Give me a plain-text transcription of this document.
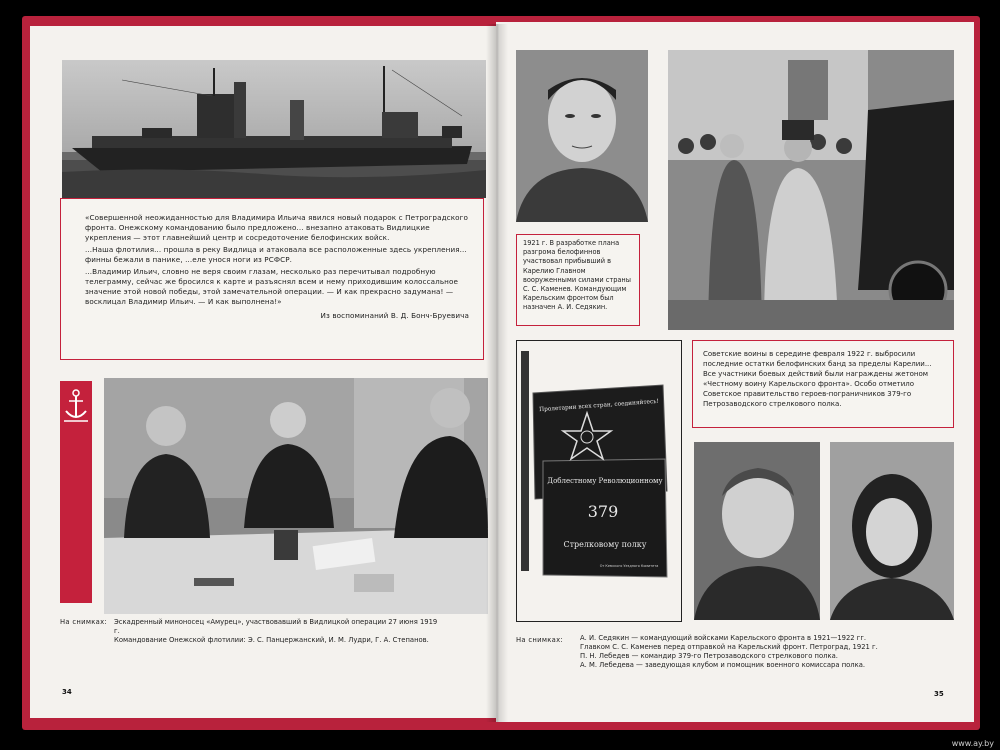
«Совершенной неожиданностью для Владимира Ильича явился новый подарок с Петроградского фронта. Онежскому командованию было предложено... внезапно атаковать Видлицкие укрепления — этот главнейший центр и сосредоточение белофинских войск.

...Наша флотилия... прошла в реку Видлица и атаковала все расположенные здесь укрепления... финны бежали в панике, ...еле унося ноги из РСФСР.

...Владимир Ильич, словно не веря своим глазам, несколько раз перечитывал подробную телеграмму, сейчас же бросился к карте и разъяснял всем и нему приходившим колоссальное значение этой новой победы, этой замечательной операции. — И как прекрасно задумана! — восклицал Владимир Ильич. — И как выполнена!»

Из воспоминаний В. Д. Бонч-Бруевича

На снимках: Эскадренный миноносец «Амурец», участвовавший в Видлицкой операции 27 июня 1919 г.

Командование Онежской флотилии: Э. С. Панцержанский, И. М. Лудри, Г. А. Степанов.

34

1921 г. В разработке плана разгрома белофиннов участвовал прибывший в Карелию Главном вооруженными силами страны С. С. Каменев. Командующим Карельским фронтом был назначен А. И. Седякин.

Советские воины в середине февраля 1922 г. выбросили последние остатки белофинских банд за пределы Карелии... Все участники боевых действий были награждены жетоном «Честному воину Карельского фронта». Особо отметило Советское правительство героев-пограничников 379-го Петрозаводского стрелкового полка.

Пролетарии всех стран, соединяйтесь!
Доблестному Революционному
379
Стрелковому полку
От Кемского Уездного Комитета
На снимках: А. И. Седякин — командующий войсками Карельского фронта в 1921—1922 гг.

Главком С. С. Каменев перед отправкой на Карельский фронт. Петроград, 1921 г.

П. Н. Лебедев — командир 379-го Петрозаводского стрелкового полка.

А. М. Лебедева — заведующая клубом и помощник военного комиссара полка.

35
www.ay.by
